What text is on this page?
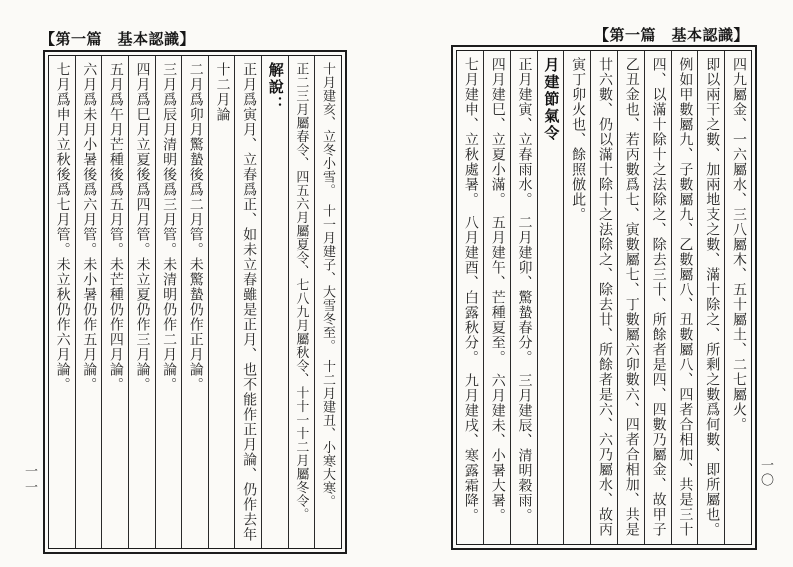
【第一篇　基本認識】
十月建亥、立冬小雪。　十一月建子、大雪冬至。　十二月建丑、小寒大寒。
正二三月屬春令、四五六月屬夏令、七八九月屬秋令、十十一十二月屬冬令。
解說：
正月爲寅月、立春爲正、如未立春雖是正月、也不能作正月論、仍作去年
十二月論
二月爲卯月驚蟄後爲二月管。未驚蟄仍作正月論。
三月爲辰月清明後爲三月管。未清明仍作二月論。
四月爲巳月立夏後爲四月管。未立夏仍作三月論。
五月爲午月芒種後爲五月管。未芒種仍作四月論。
六月爲未月小暑後爲六月管。未小暑仍作五月論。
七月爲申月立秋後爲七月管。未立秋仍作六月論。
一一
【第一篇　基本認識】
四九屬金、一六屬水、三八屬木、五十屬土、二七屬火。
即以兩干之數、加兩地支之數、滿十除之、所剩之數爲何數、即所屬也。
例如甲數屬九、子數屬九、乙數屬八、丑數屬八、四者合相加、共是三十
四、以滿十除十之法除之、除去三十、所餘者是四、四數乃屬金、故甲子
乙丑金也、若丙數爲七、寅數屬七、丁數屬六卯數六、四者合相加、共是
廿六數、仍以滿十除十之法除之、除去廿、所餘者是六、六乃屬水、故丙
寅丁卯火也、餘照倣此。
月建節氣令
正月建寅、立春雨水。　二月建卯、驚蟄春分。　三月建辰、清明穀雨。
四月建巳、立夏小滿。　五月建午、芒種夏至。　六月建未、小暑大暑。
七月建申、立秋處暑。　八月建酉、白露秋分。　九月建戌、寒露霜降。	一〇
